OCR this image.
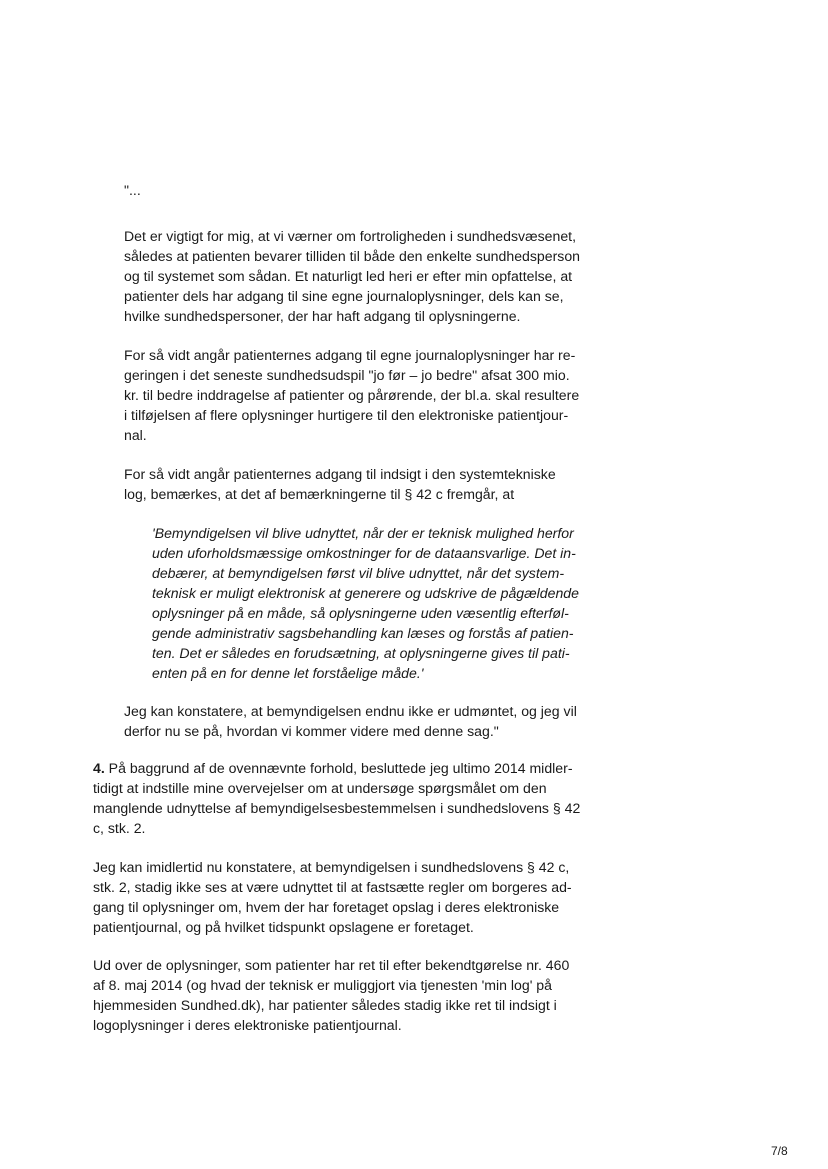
"...
Det er vigtigt for mig, at vi værner om fortroligheden i sundhedsvæsenet,
således at patienten bevarer tilliden til både den enkelte sundhedsperson
og til systemet som sådan. Et naturligt led heri er efter min opfattelse, at
patienter dels har adgang til sine egne journaloplysninger, dels kan se,
hvilke sundhedspersoner, der har haft adgang til oplysningerne.
For så vidt angår patienternes adgang til egne journaloplysninger har re-
geringen i det seneste sundhedsudspil "jo før – jo bedre" afsat 300 mio.
kr. til bedre inddragelse af patienter og pårørende, der bl.a. skal resultere
i tilføjelsen af flere oplysninger hurtigere til den elektroniske patientjour-
nal.
For så vidt angår patienternes adgang til indsigt i den systemtekniske
log, bemærkes, at det af bemærkningerne til § 42 c fremgår, at
'Bemyndigelsen vil blive udnyttet, når der er teknisk mulighed herfor
uden uforholdsmæssige omkostninger for de dataansvarlige. Det in-
debærer, at bemyndigelsen først vil blive udnyttet, når det system-
teknisk er muligt elektronisk at generere og udskrive de pågældende
oplysninger på en måde, så oplysningerne uden væsentlig efterføl-
gende administrativ sagsbehandling kan læses og forstås af patien-
ten. Det er således en forudsætning, at oplysningerne gives til pati-
enten på en for denne let forståelige måde.'
Jeg kan konstatere, at bemyndigelsen endnu ikke er udmøntet, og jeg vil
derfor nu se på, hvordan vi kommer videre med denne sag."
4. På baggrund af de ovennævnte forhold, besluttede jeg ultimo 2014 midler-
tidigt at indstille mine overvejelser om at undersøge spørgsmålet om den
manglende udnyttelse af bemyndigelsesbestemmelsen i sundhedslovens § 42
c, stk. 2.
Jeg kan imidlertid nu konstatere, at bemyndigelsen i sundhedslovens § 42 c,
stk. 2, stadig ikke ses at være udnyttet til at fastsætte regler om borgeres ad-
gang til oplysninger om, hvem der har foretaget opslag i deres elektroniske
patientjournal, og på hvilket tidspunkt opslagene er foretaget.
Ud over de oplysninger, som patienter har ret til efter bekendtgørelse nr. 460
af 8. maj 2014 (og hvad der teknisk er muliggjort via tjenesten 'min log' på
hjemmesiden Sundhed.dk), har patienter således stadig ikke ret til indsigt i
logoplysninger i deres elektroniske patientjournal.
7/8
